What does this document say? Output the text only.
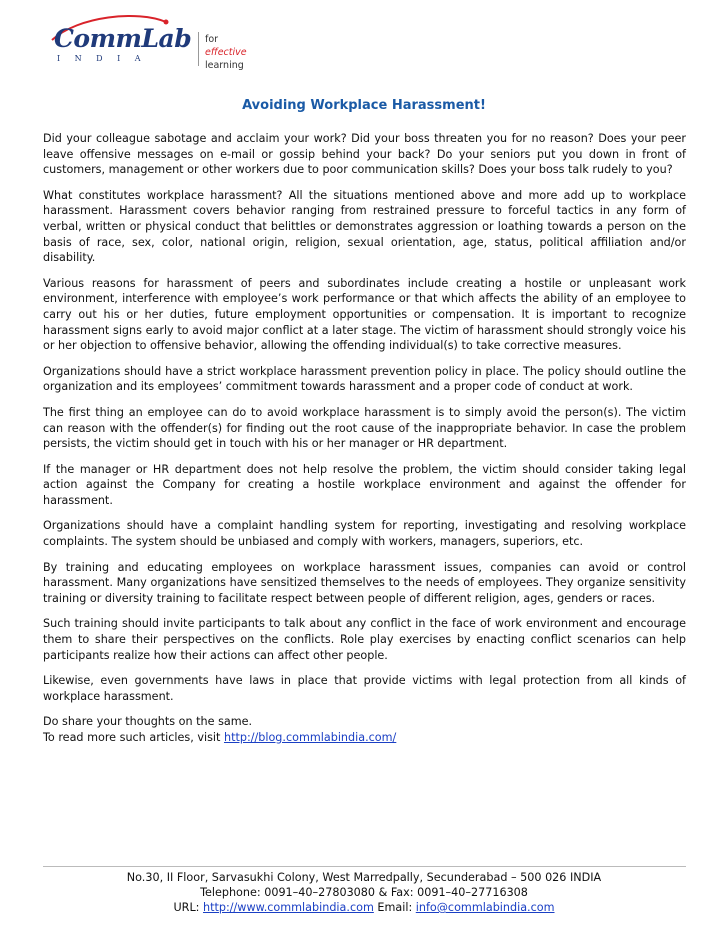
CommLab
INDIA
for
effective learning
Avoiding Workplace Harassment!

Did your colleague sabotage and acclaim your work? Did your boss threaten you for no reason? Does your peer leave offensive messages on e-mail or gossip behind your back? Do your seniors put you down in front of customers, management or other workers due to poor communication skills? Does your boss talk rudely to you?

What constitutes workplace harassment? All the situations mentioned above and more add up to workplace harassment. Harassment covers behavior ranging from restrained pressure to forceful tactics in any form of verbal, written or physical conduct that belittles or demonstrates aggression or loathing towards a person on the basis of race, sex, color, national origin, religion, sexual orientation, age, status, political affiliation and/or disability.

Various reasons for harassment of peers and subordinates include creating a hostile or unpleasant work environment, interference with employee’s work performance or that which affects the ability of an employee to carry out his or her duties, future employment opportunities or compensation. It is important to recognize harassment signs early to avoid major conflict at a later stage. The victim of harassment should strongly voice his or her objection to offensive behavior, allowing the offending individual(s) to take corrective measures.

Organizations should have a strict workplace harassment prevention policy in place. The policy should outline the organization and its employees’ commitment towards harassment and a proper code of conduct at work.

The first thing an employee can do to avoid workplace harassment is to simply avoid the person(s). The victim can reason with the offender(s) for finding out the root cause of the inappropriate behavior. In case the problem persists, the victim should get in touch with his or her manager or HR department.

If the manager or HR department does not help resolve the problem, the victim should consider taking legal action against the Company for creating a hostile workplace environment and against the offender for harassment.

Organizations should have a complaint handling system for reporting, investigating and resolving workplace complaints. The system should be unbiased and comply with workers, managers, superiors, etc.

By training and educating employees on workplace harassment issues, companies can avoid or control harassment. Many organizations have sensitized themselves to the needs of employees. They organize sensitivity training or diversity training to facilitate respect between people of different religion, ages, genders or races.

Such training should invite participants to talk about any conflict in the face of work environment and encourage them to share their perspectives on the conflicts. Role play exercises by enacting conflict scenarios can help participants realize how their actions can affect other people.

Likewise, even governments have laws in place that provide victims with legal protection from all kinds of workplace harassment.

Do share your thoughts on the same.

To read more such articles, visit http://blog.commlabindia.com/

No.30, II Floor, Sarvasukhi Colony, West Marredpally, Secunderabad – 500 026 INDIA
Telephone: 0091–40–27803080 & Fax: 0091–40–27716308
URL: http://www.commlabindia.com Email: info@commlabindia.com
